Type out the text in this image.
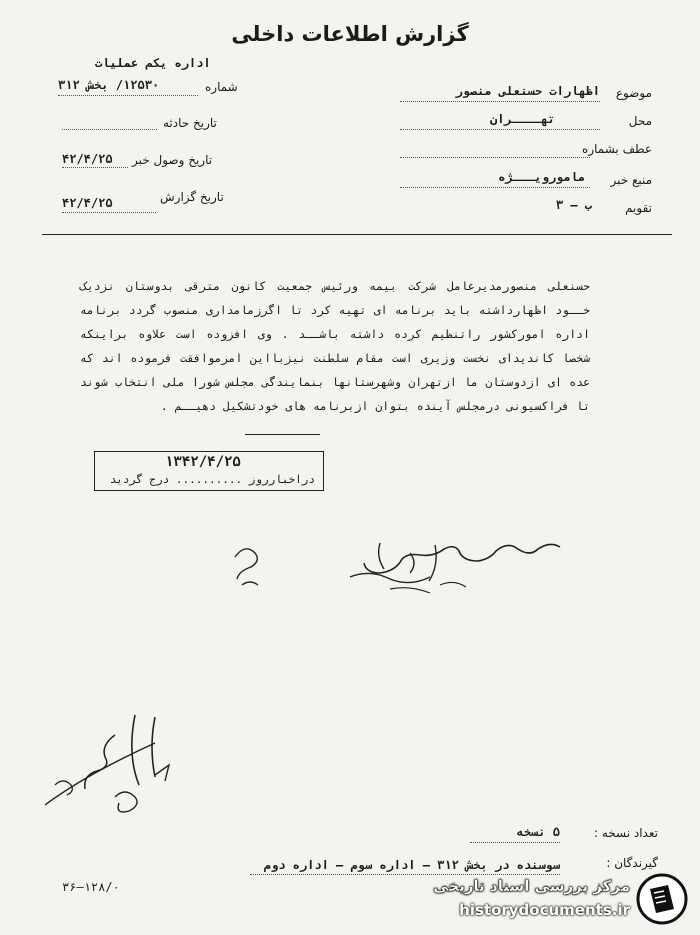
گزارش اطلاعات داخلی
موضوع
اظهارات حسنعلی منصور
محل
تهــــران
عطف بشماره
منبع خبر
مامورویـــژه
تقویم
ب — ۳
اداره یکم عملیات
شماره
۱۲۵۳۰/ بخش ۳۱۲
تاریخ حادثه
تاریخ وصول خبر
۴۲/۴/۲۵
تاریخ گزارش
۴۲/۴/۲۵

حسنعلی منصورمدیرعامل شرکت بیمه ورئیس جمعیت کانون مترقی بدوستان نزدیک خــود اظهارداشته باید برنامه ای تهیه کرد تا اگرزمامداری منصوب گردد برنامه اداره امورکشور راتنظیم کرده داشته باشــد . وی افزوده است علاوه براینکه شخصا کاندیدای نخست وزیری است مقام سلطنت نیزبااین امرموافقت فرموده اند که عده ای ازدوستان ما ازتهران وشهرستانها بنمایندگی مجلس شورا ملی انتخاب شوند تا فراکسیونی درمجلس آینده بتوان ازبرنامه های خودتشکیل دهیــم .

۱۳۴۲/۴/۲۵
دراخبارروز .......... درج گردید
تعداد نسخه :
۵ نسخه
گیرندگان :
سوسنده در بخش ۳۱۲ — اداره سوم — اداره دوم
۱۲۸/۰—۳۶	مرکز بررسی اسناد تاریخی
historydocuments.ir
